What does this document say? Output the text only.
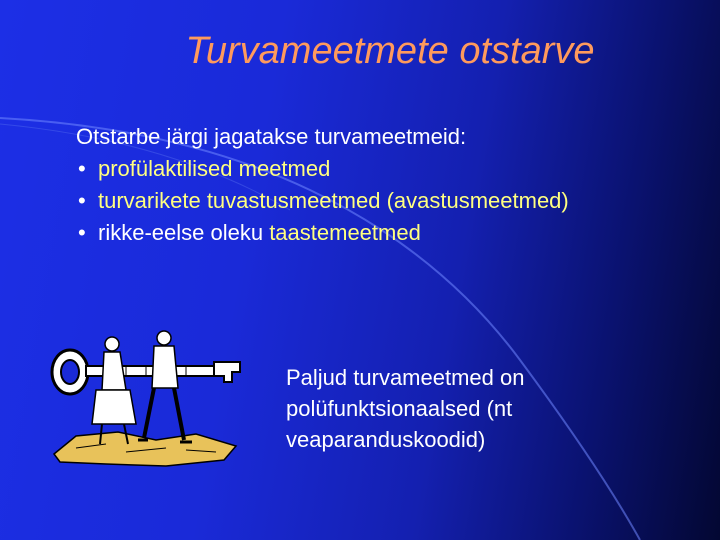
Turvameetmete otstarve

Otstarbe järgi jagatakse turvameetmeid:

• profülaktilised meetmed
• turvarikete tuvastusmeetmed (avastusmeetmed)
• rikke-eelse oleku taastemeetmed
Paljud turvameetmed on polüfunktsionaalsed (nt veaparanduskoodid)
